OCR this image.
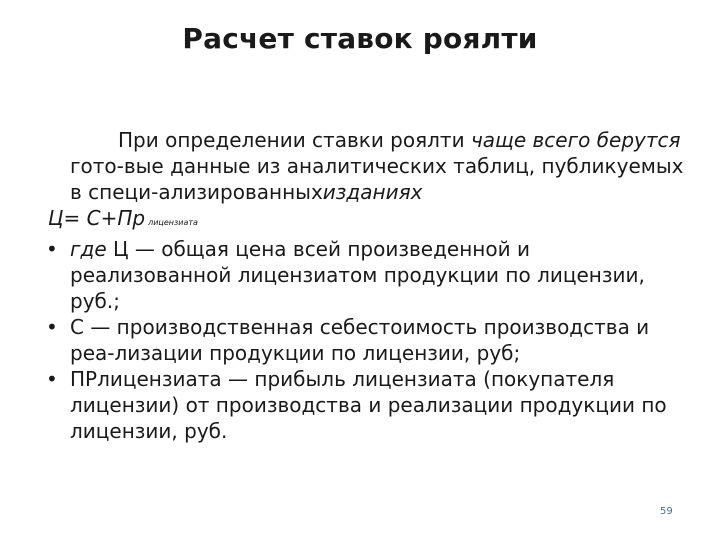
Расчет ставок роялти

При определении ставки роялти чаще всего берутся гото-вые данные из аналитических таблиц, публикуемых в специ-ализированныхизданиях

Ц= С+Пр лицензиата

• где Ц — общая цена всей произведенной и реализованной лицензиатом продукции по лицензии, руб.;
• С — производственная себестоимость производства и реа-лизации продукции по лицензии, руб;
• ПРлицензиата — прибыль лицензиата (покупателя лицензии) от производства и реализации продукции по лицензии, руб.
59
